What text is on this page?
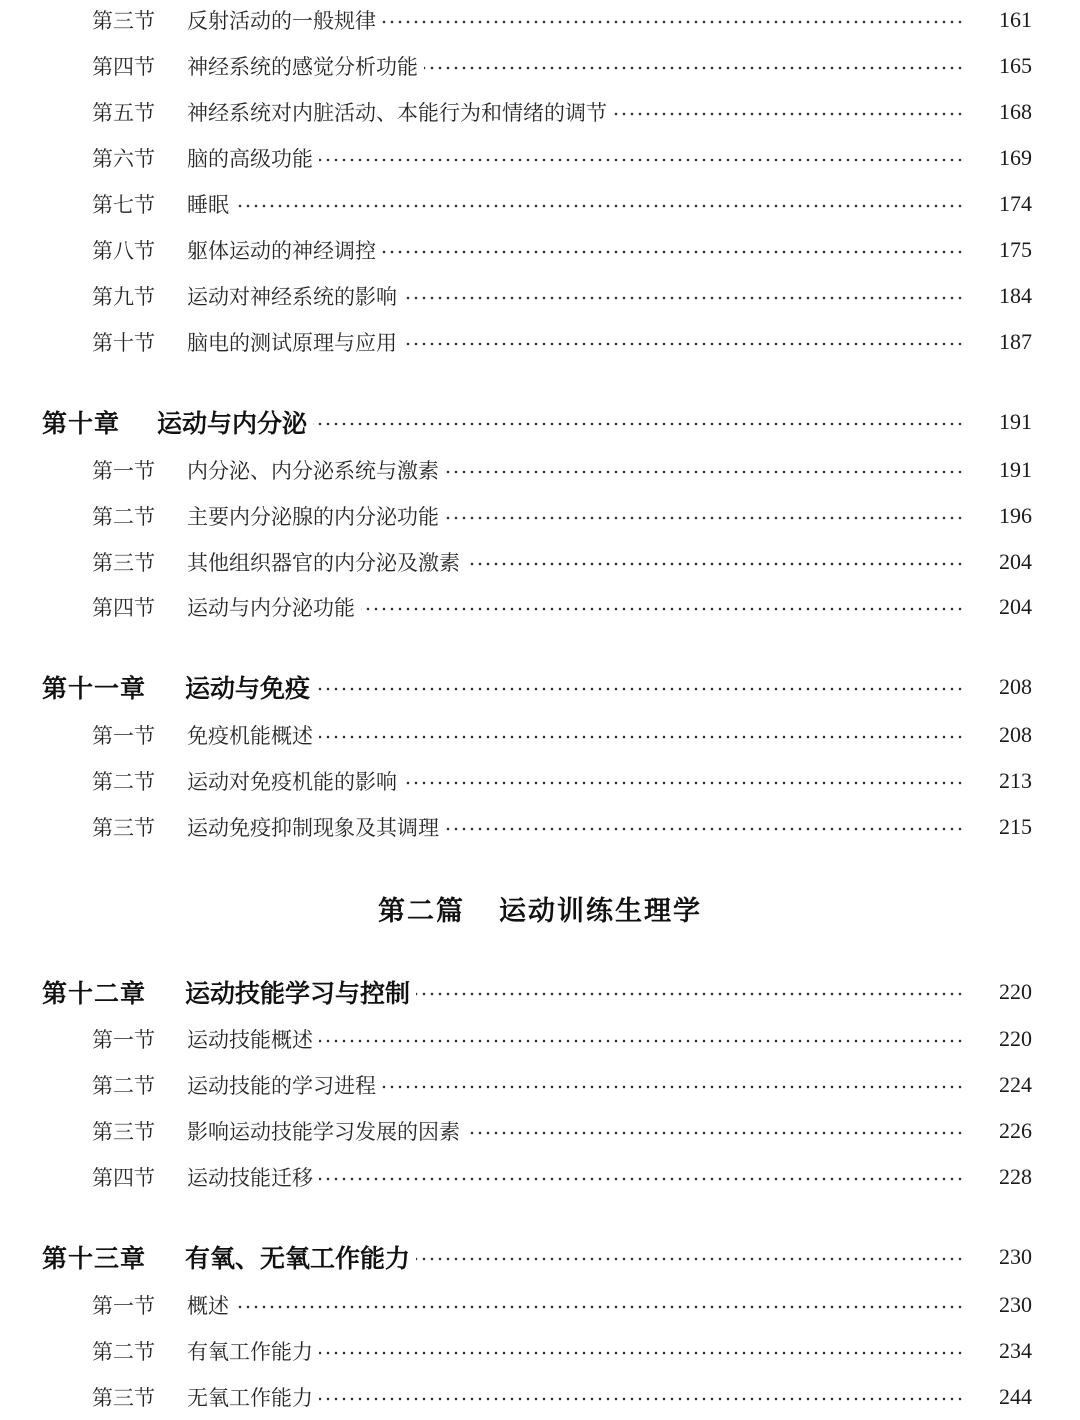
第三节	反射活动的一般规律	161
第四节	神经系统的感觉分析功能	165
第五节	神经系统对内脏活动、本能行为和情绪的调节	168
第六节	脑的高级功能	169
第七节	睡眠	174
第八节	躯体运动的神经调控	175
第九节	运动对神经系统的影响	184
第十节	脑电的测试原理与应用	187
第十章	运动与内分泌	191
第一节	内分泌、内分泌系统与激素	191
第二节	主要内分泌腺的内分泌功能	196
第三节	其他组织器官的内分泌及激素	204
第四节	运动与内分泌功能	204
第十一章	运动与免疫	208
第一节	免疫机能概述	208
第二节	运动对免疫机能的影响	213
第三节	运动免疫抑制现象及其调理	215
第二篇 运动训练生理学
第十二章	运动技能学习与控制	220
第一节	运动技能概述	220
第二节	运动技能的学习进程	224
第三节	影响运动技能学习发展的因素	226
第四节	运动技能迁移	228
第十三章	有氧、无氧工作能力	230
第一节	概述	230
第二节	有氧工作能力	234
第三节	无氧工作能力	244
